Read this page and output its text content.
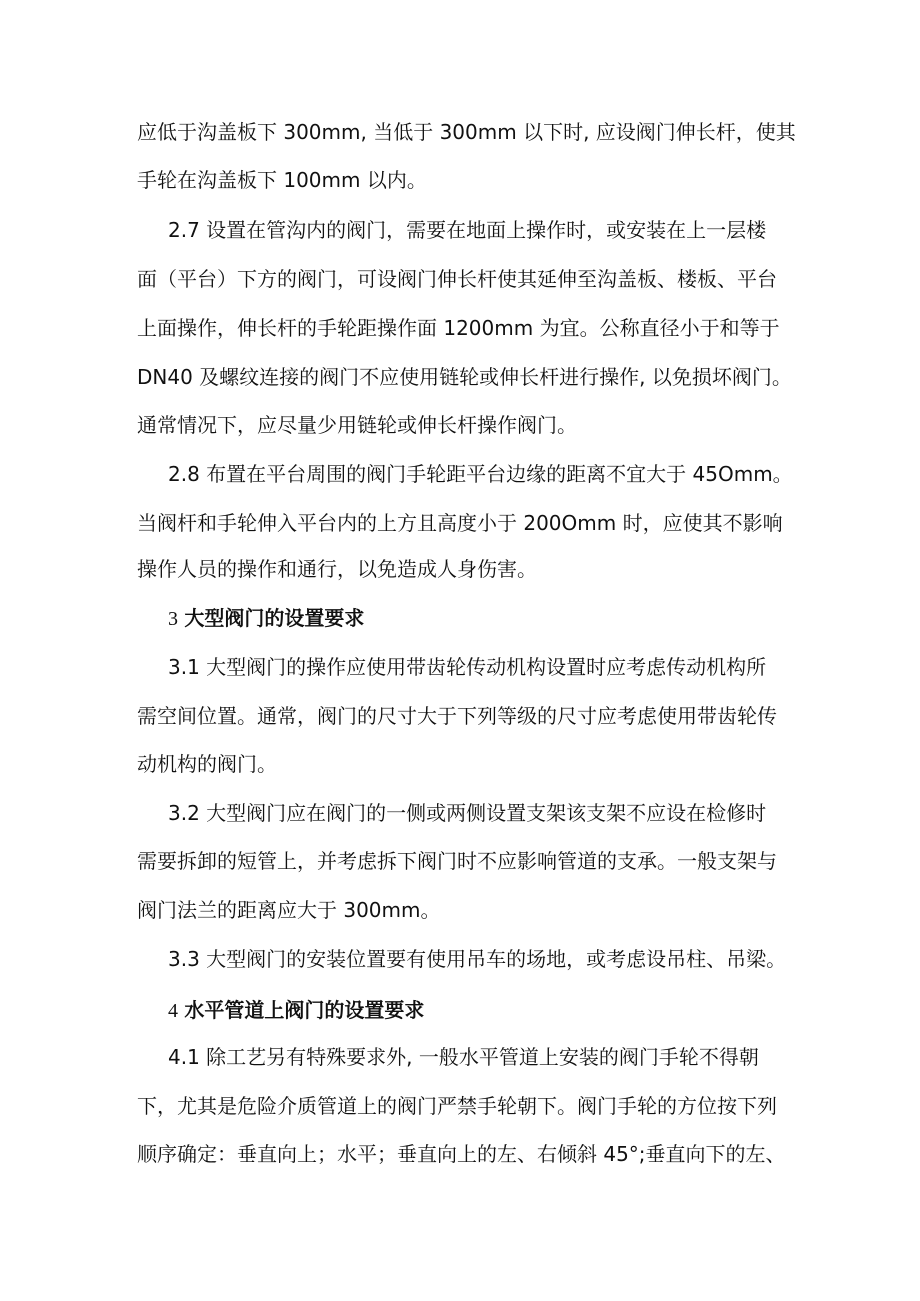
应低于沟盖板下 300mm, 当低于 300mm 以下时, 应设阀门伸长杆，使其
手轮在沟盖板下 100mm 以内。
2.7 设置在管沟内的阀门，需要在地面上操作时，或安装在上一层楼
面（平台）下方的阀门，可设阀门伸长杆使其延伸至沟盖板、楼板、平台
上面操作，伸长杆的手轮距操作面 1200mm 为宜。公称直径小于和等于
DN40 及螺纹连接的阀门不应使用链轮或伸长杆进行操作, 以免损坏阀门。
通常情况下，应尽量少用链轮或伸长杆操作阀门。
2.8 布置在平台周围的阀门手轮距平台边缘的距离不宜大于 45Omm。
当阀杆和手轮伸入平台内的上方且高度小于 200Omm 时，应使其不影响
操作人员的操作和通行，以免造成人身伤害。
3 大型阀门的设置要求
3.1 大型阀门的操作应使用带齿轮传动机构设置时应考虑传动机构所
需空间位置。通常，阀门的尺寸大于下列等级的尺寸应考虑使用带齿轮传
动机构的阀门。
3.2 大型阀门应在阀门的一侧或两侧设置支架该支架不应设在检修时
需要拆卸的短管上，并考虑拆下阀门时不应影响管道的支承。一般支架与
阀门法兰的距离应大于 300mm。
3.3 大型阀门的安装位置要有使用吊车的场地，或考虑设吊柱、吊梁。
4 水平管道上阀门的设置要求
4.1 除工艺另有特殊要求外, 一般水平管道上安装的阀门手轮不得朝
下，尤其是危险介质管道上的阀门严禁手轮朝下。阀门手轮的方位按下列
顺序确定：垂直向上；水平；垂直向上的左、右倾斜 45°;垂直向下的左、
